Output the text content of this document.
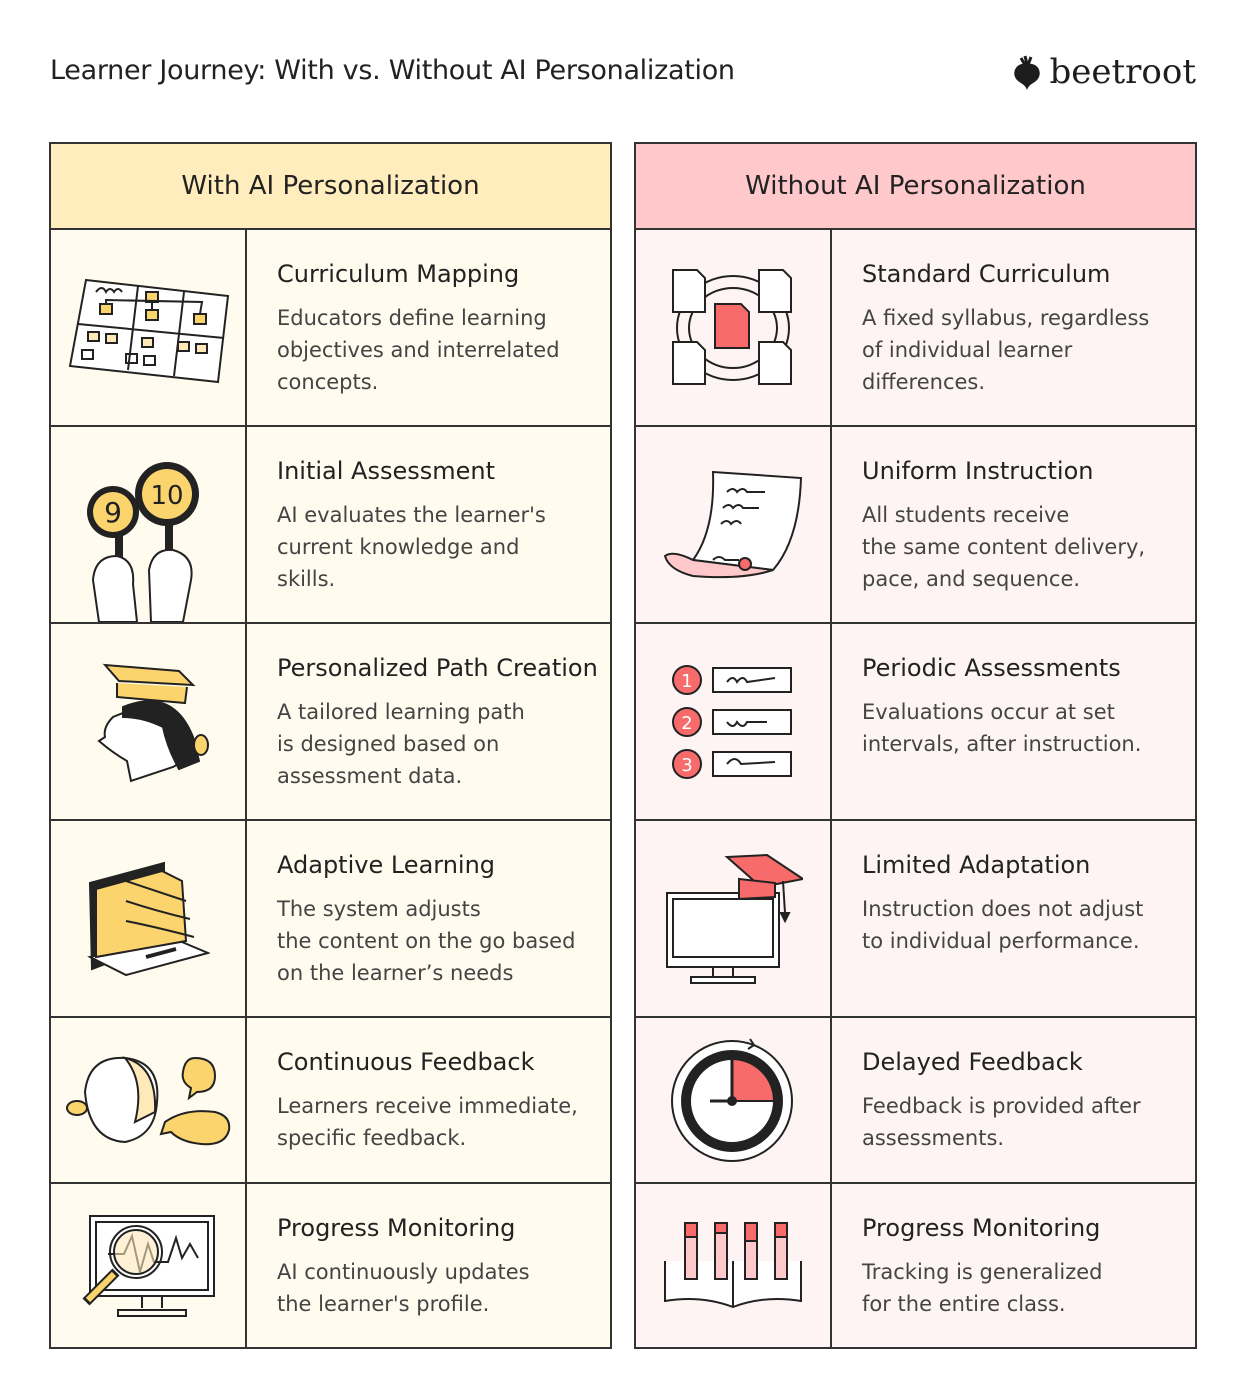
Learner Journey: With vs. Without AI Personalization	beetroot
With AI Personalization
Curriculum Mapping
Educators define learning
objectives and interrelated
concepts.
9 10
Initial Assessment
AI evaluates the learner's
current knowledge and
skills.
Personalized Path Creation
A tailored learning path
is designed based on
assessment data.
Adaptive Learning
The system adjusts
the content on the go based
on the learner’s needs
Continuous Feedback
Learners receive immediate,
specific feedback.
Progress Monitoring
AI continuously updates
the learner's profile.
Without AI Personalization
Standard Curriculum
A fixed syllabus, regardless
of individual learner
differences.
Uniform Instruction
All students receive
the same content delivery,
pace, and sequence.
1
2
3
Periodic Assessments
Evaluations occur at set
intervals, after instruction.
Limited Adaptation
Instruction does not adjust
to individual performance.
Delayed Feedback
Feedback is provided after
assessments.
Progress Monitoring
Tracking is generalized
for the entire class.
